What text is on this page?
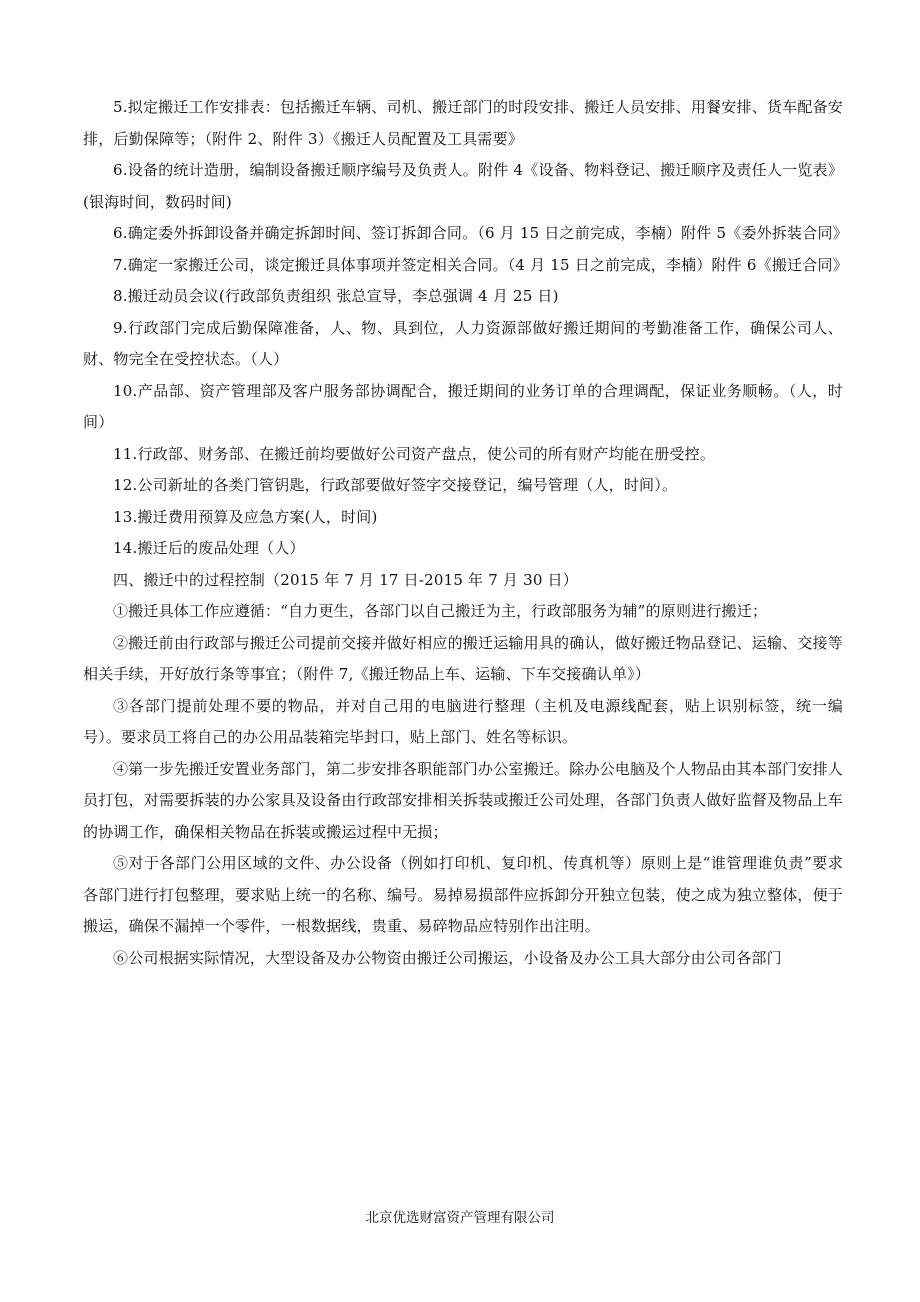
5.拟定搬迁工作安排表：包括搬迁车辆、司机、搬迁部门的时段安排、搬迁人员安排、用餐安排、货车配备安排，后勤保障等；（附件 2、附件 3）《搬迁人员配置及工具需要》

6.设备的统计造册，编制设备搬迁顺序编号及负责人。附件 4《设备、物料登记、搬迁顺序及责任人一览表》(银海时间，数码时间)

6.确定委外拆卸设备并确定拆卸时间、签订拆卸合同。（6 月 15 日之前完成，李楠）附件 5《委外拆装合同》

7.确定一家搬迁公司，谈定搬迁具体事项并签定相关合同。（4 月 15 日之前完成，李楠）附件 6《搬迁合同》

8.搬迁动员会议(行政部负责组织 张总宣导，李总强调 4 月 25 日)

9.行政部门完成后勤保障准备，人、物、具到位，人力资源部做好搬迁期间的考勤准备工作，确保公司人、财、物完全在受控状态。（人）

10.产品部、资产管理部及客户服务部协调配合，搬迁期间的业务订单的合理调配，保证业务顺畅。（人，时间）

11.行政部、财务部、在搬迁前均要做好公司资产盘点，使公司的所有财产均能在册受控。

12.公司新址的各类门管钥匙，行政部要做好签字交接登记，编号管理（人，时间）。

13.搬迁费用预算及应急方案(人，时间)

14.搬迁后的废品处理（人）

四、搬迁中的过程控制（2015 年 7 月 17 日-2015 年 7 月 30 日）

①搬迁具体工作应遵循：“自力更生，各部门以自己搬迁为主，行政部服务为辅”的原则进行搬迁；

②搬迁前由行政部与搬迁公司提前交接并做好相应的搬迁运输用具的确认，做好搬迁物品登记、运输、交接等相关手续，开好放行条等事宜；（附件 7,《搬迁物品上车、运输、下车交接确认单》）

③各部门提前处理不要的物品，并对自己用的电脑进行整理（主机及电源线配套，贴上识别标签，统一编号）。要求员工将自己的办公用品装箱完毕封口，贴上部门、姓名等标识。

④第一步先搬迁安置业务部门，第二步安排各职能部门办公室搬迁。除办公电脑及个人物品由其本部门安排人员打包，对需要拆装的办公家具及设备由行政部安排相关拆装或搬迁公司处理，各部门负责人做好监督及物品上车的协调工作，确保相关物品在拆装或搬运过程中无损；

⑤对于各部门公用区域的文件、办公设备（例如打印机、复印机、传真机等）原则上是“谁管理谁负责”要求各部门进行打包整理，要求贴上统一的名称、编号。易掉易损部件应拆卸分开独立包装，使之成为独立整体，便于搬运，确保不漏掉一个零件，一根数据线，贵重、易碎物品应特别作出注明。

⑥公司根据实际情况，大型设备及办公物资由搬迁公司搬运，小设备及办公工具大部分由公司各部门

北京优选财富资产管理有限公司
